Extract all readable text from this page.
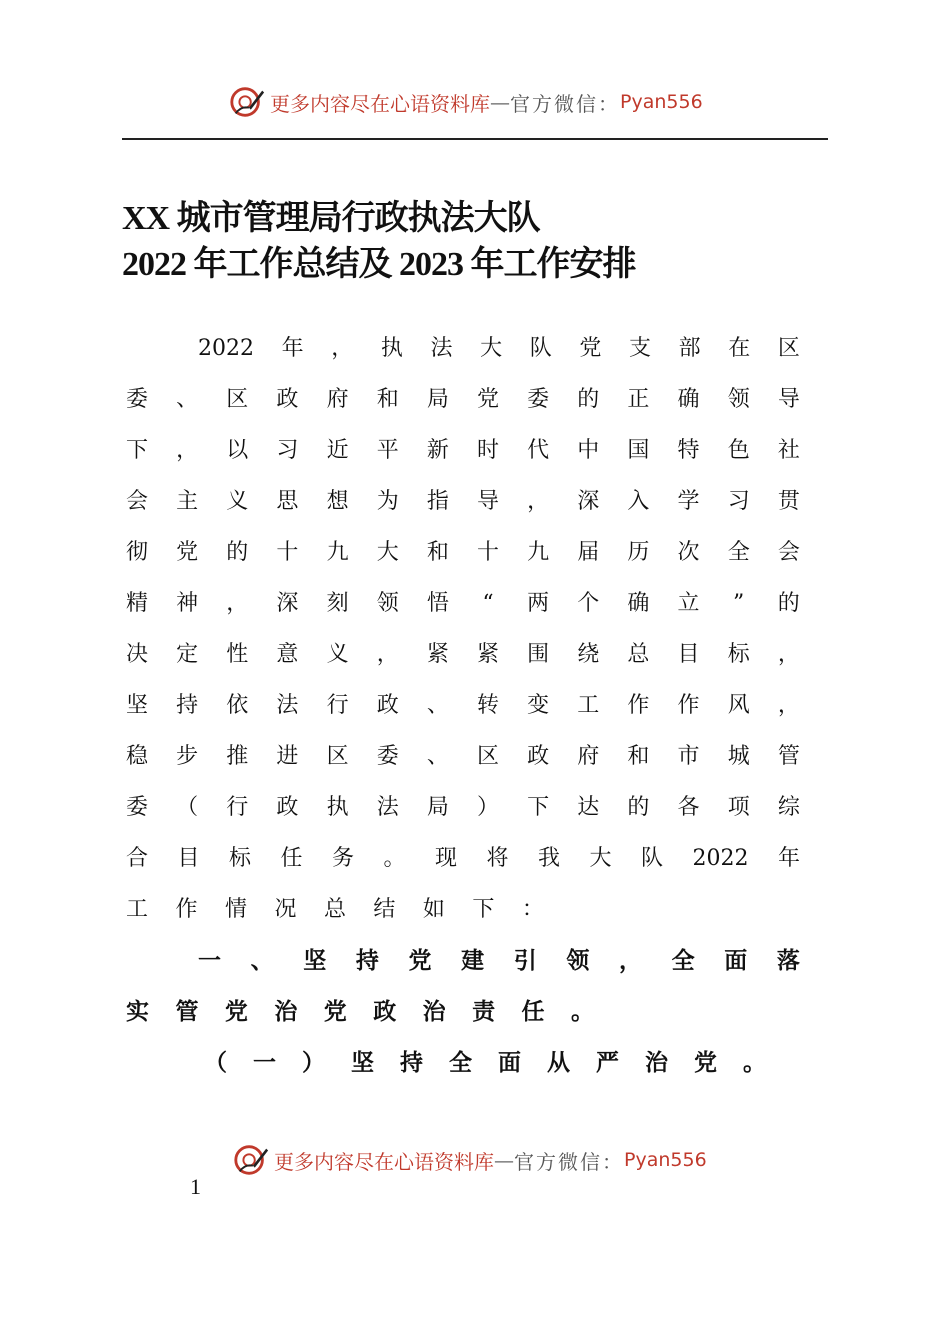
更多内容尽在心语资料库 — 官方微信： Pyan556
XX 城市管理局行政执法大队
2022 年工作总结及 2023 年工作安排
2022 年 ， 执 法 大 队 党 支 部 在 区
委 、 区 政 府 和 局 党 委 的 正 确 领 导
下 ， 以 习 近 平 新 时 代 中 国 特 色 社
会 主 义 思 想 为 指 导 ， 深 入 学 习 贯
彻 党 的 十 九 大 和 十 九 届 历 次 全 会
精 神 ， 深 刻 领 悟 “ 两 个 确 立 ” 的
决 定 性 意 义 ， 紧 紧 围 绕 总 目 标 ，
坚 持 依 法 行 政 、 转 变 工 作 作 风 ，
稳 步 推 进 区 委 、 区 政 府 和 市 城 管
委 （ 行 政 执 法 局 ） 下 达 的 各 项 综
合 目 标 任 务 。 现 将 我 大 队 2022 年
工 作 情 况 总 结 如 下 ：
一 、 坚 持 党 建 引 领 ， 全 面 落
实 管 党 治 党 政 治 责 任 。
（ 一 ） 坚 持 全 面 从 严 治 党 。
更多内容尽在心语资料库 — 官方微信： Pyan556
1
